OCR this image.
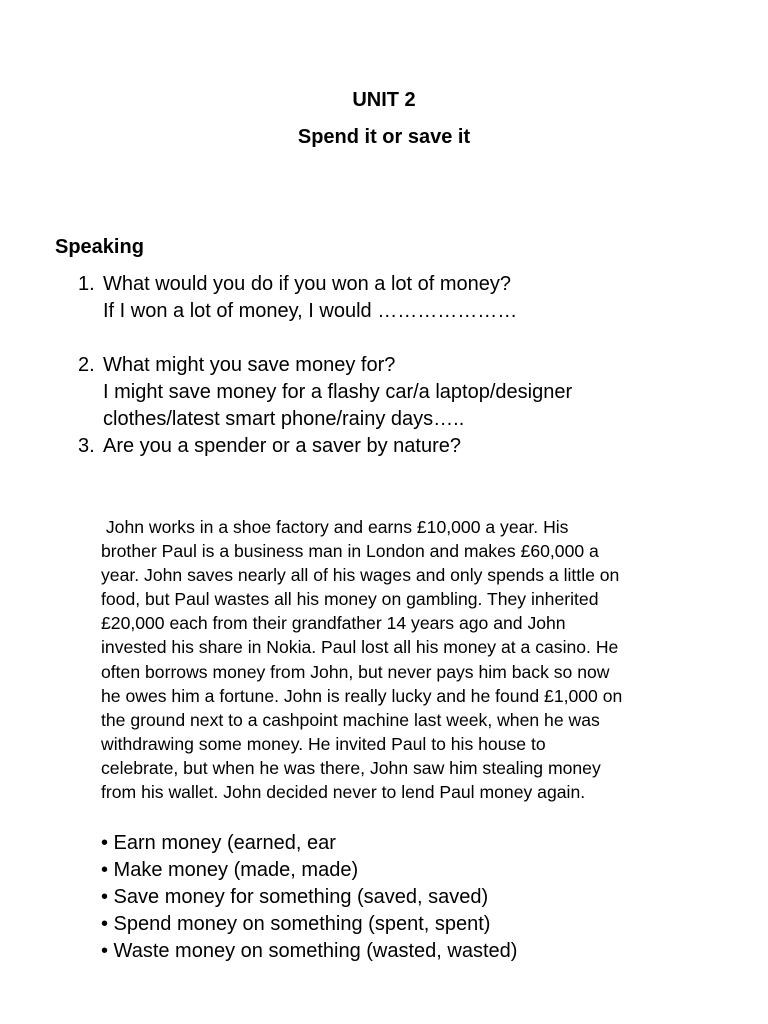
UNIT 2
Spend it or save it
Speaking
1. What would you do if you won a lot of money?
If I won a lot of money, I would …………………
2. What might you save money for?
I might save money for a flashy car/a laptop/designer
clothes/latest smart phone/rainy days…..
3. Are you a spender or a saver by nature?
John works in a shoe factory and earns £10,000 a year. His
brother Paul is a business man in London and makes £60,000 a
year. John saves nearly all of his wages and only spends a little on
food, but Paul wastes all his money on gambling. They inherited
£20,000 each from their grandfather 14 years ago and John
invested his share in Nokia. Paul lost all his money at a casino. He
often borrows money from John, but never pays him back so now
he owes him a fortune. John is really lucky and he found £1,000 on
the ground next to a cashpoint machine last week, when he was
withdrawing some money. He invited Paul to his house to
celebrate, but when he was there, John saw him stealing money
from his wallet. John decided never to lend Paul money again.
• Earn money (earned, ear
• Make money (made, made)
• Save money for something (saved, saved)
• Spend money on something (spent, spent)
• Waste money on something (wasted, wasted)
